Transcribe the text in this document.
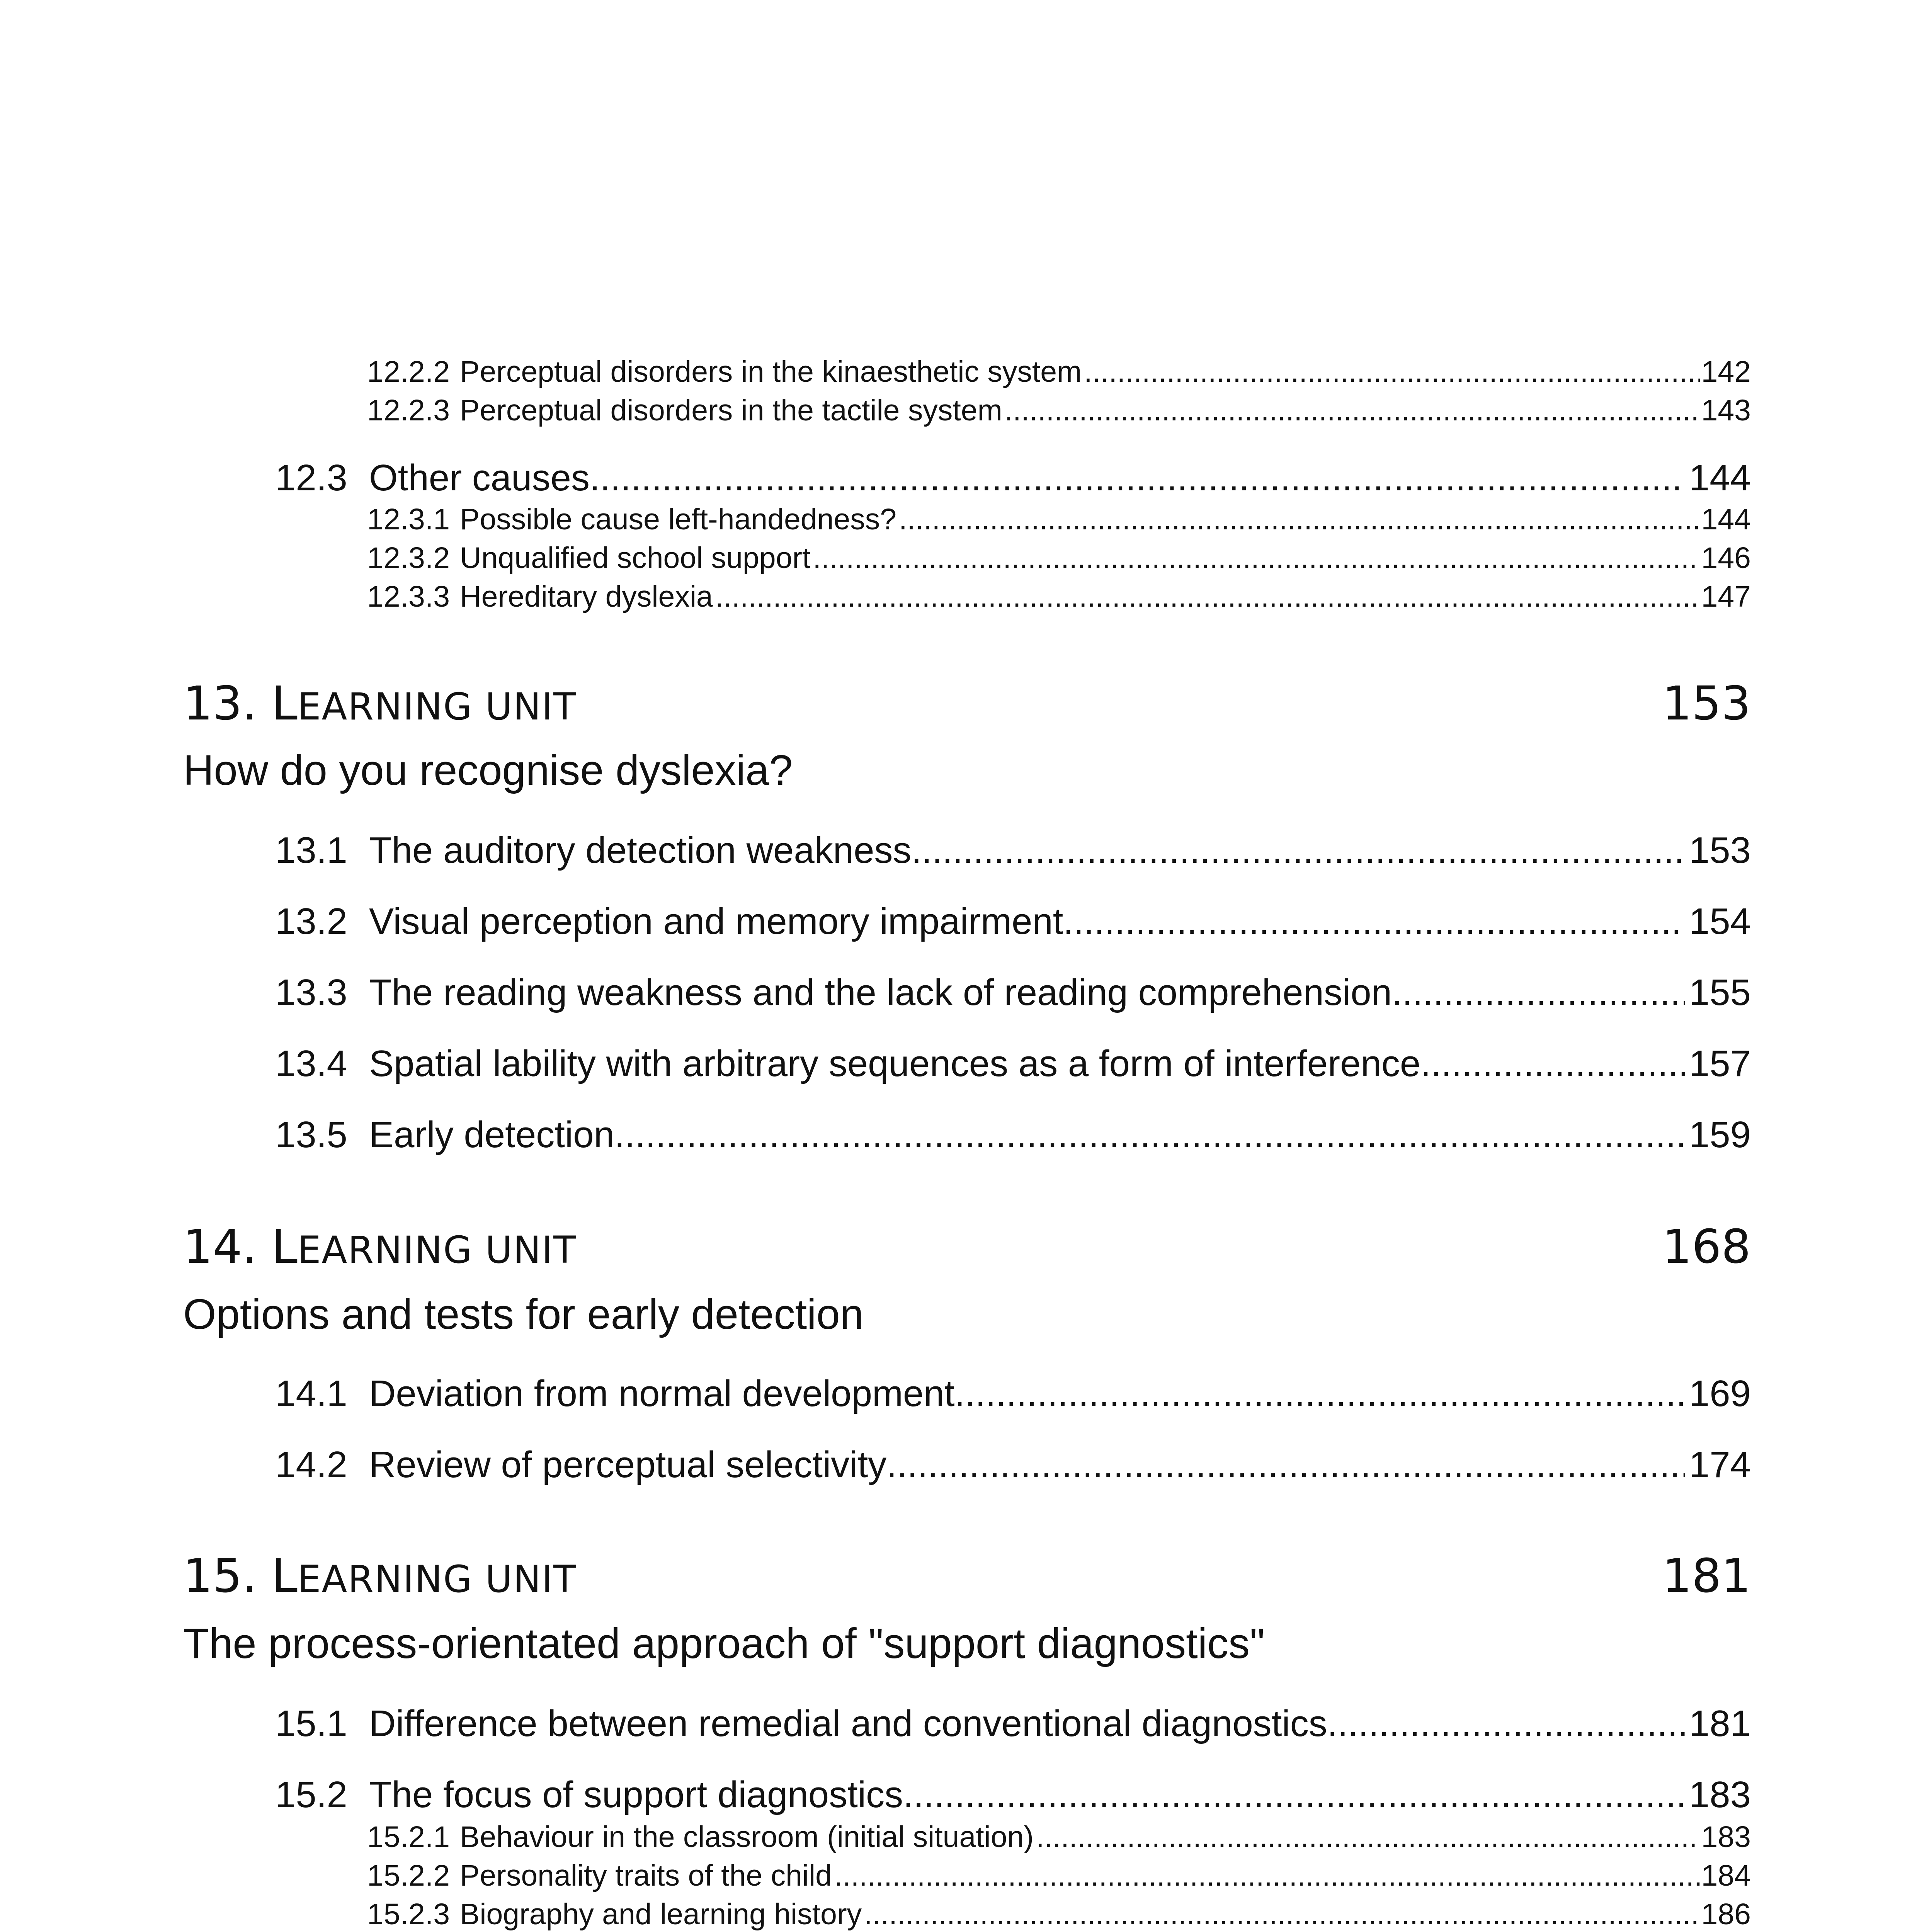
12.2.2 Perceptual disorders in the kinaesthetic system .....	142
12.2.3 Perceptual disorders in the tactile system .....	143
12.3 Other causes .....	144
12.3.1 Possible cause left-handedness? .....	144
12.3.2 Unqualified school support .....	146
12.3.3 Hereditary dyslexia .....	147
13. LEARNING UNIT	153
How do you recognise dyslexia?
13.1 The auditory detection weakness .....	153
13.2 Visual perception and memory impairment .....	154
13.3 The reading weakness and the lack of reading comprehension. .....	155
13.4 Spatial lability with arbitrary sequences as a form of interference .....	157
13.5 Early detection .....	159
14. LEARNING UNIT	168
Options and tests for early detection
14.1 Deviation from normal development .....	169
14.2 Review of perceptual selectivity .....	174
15. LEARNING UNIT	181
The process-orientated approach of "support diagnostics"
15.1 Difference between remedial and conventional diagnostics .....	181
15.2 The focus of support diagnostics .....	183
15.2.1 Behaviour in the classroom (initial situation) .....	183
15.2.2 Personality traits of the child .....	184
15.2.3 Biography and learning history .....	186
